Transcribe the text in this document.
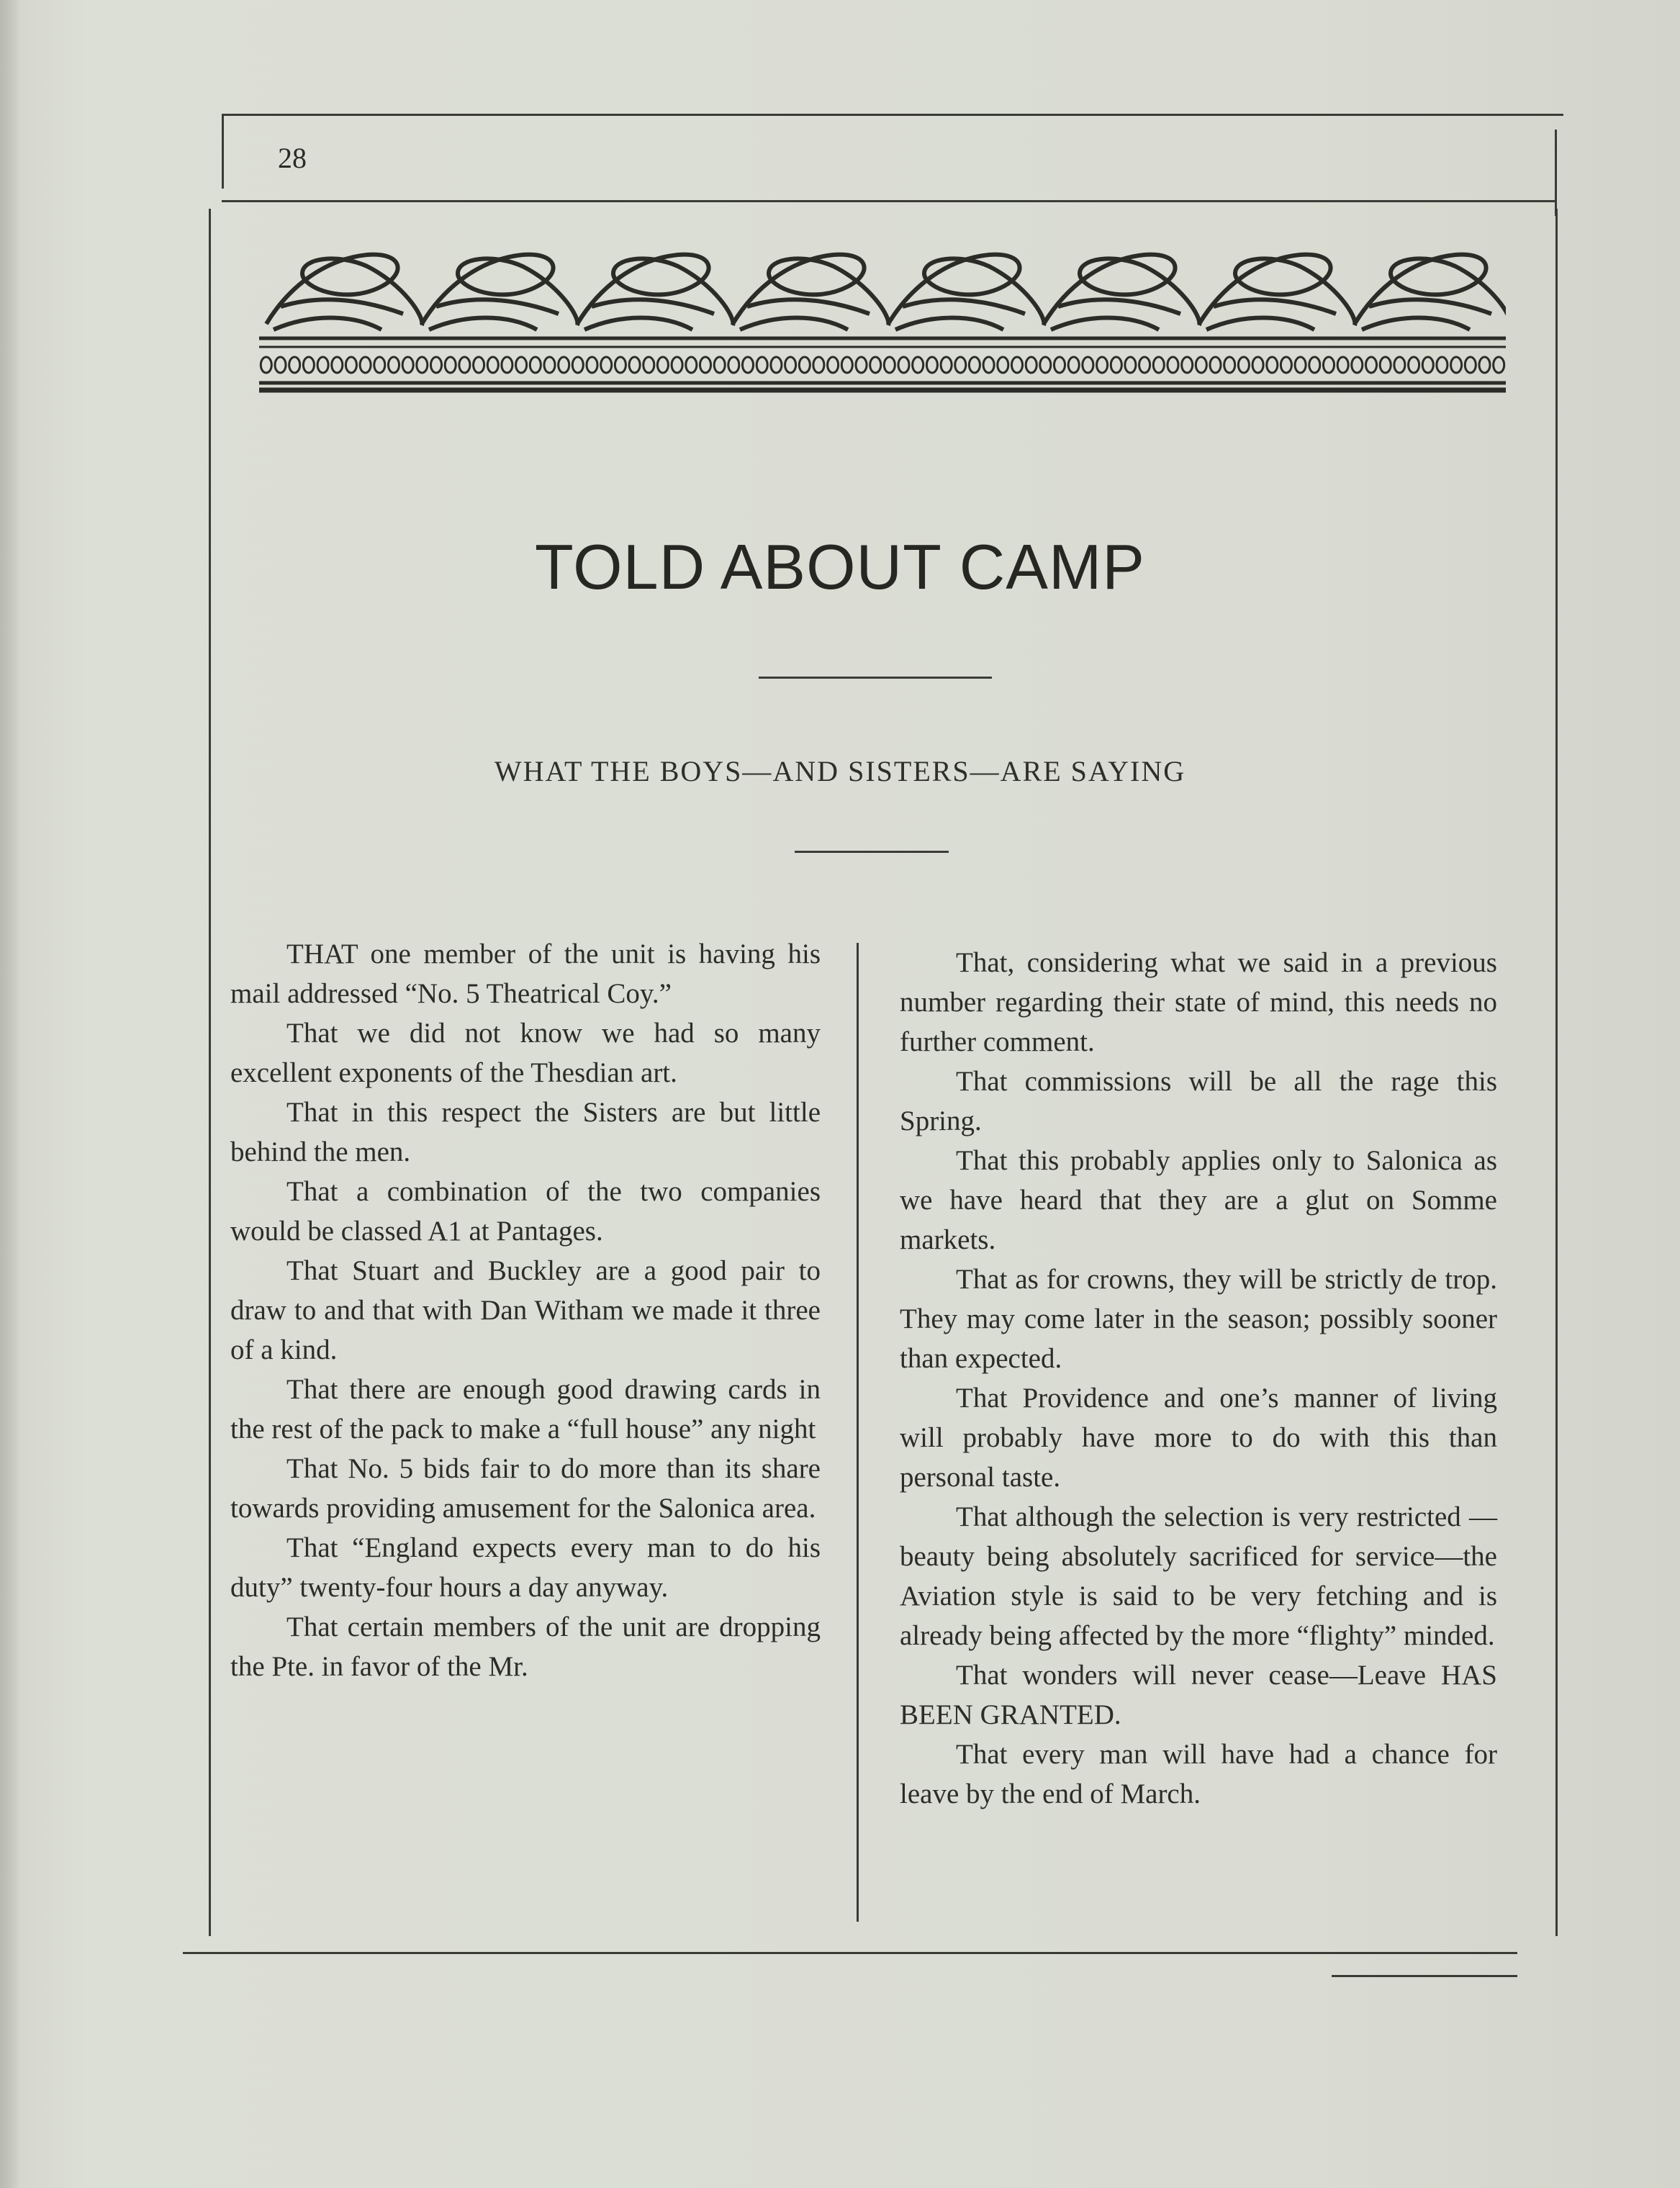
28
TOLD ABOUT CAMP
WHAT THE BOYS—AND SISTERS—ARE SAYING

THAT one member of the unit is having his mail addressed “No. 5 Theatrical Coy.”

That we did not know we had so many excellent exponents of the Thesdian art.

That in this respect the Sisters are but little behind the men.

That a combination of the two companies would be classed A1 at Pantages.

That Stuart and Buckley are a good pair to draw to and that with Dan Witham we made it three of a kind.

That there are enough good drawing cards in the rest of the pack to make a “full house” any night

That No. 5 bids fair to do more than its share towards providing amusement for the Salonica area.

That “England expects every man to do his duty” twenty-four hours a day anyway.

That certain members of the unit are dropping the Pte. in favor of the Mr.

That, considering what we said in a previous number regarding their state of mind, this needs no further comment.

That commissions will be all the rage this Spring.

That this probably applies only to Salonica as we have heard that they are a glut on Somme markets.

That as for crowns, they will be strictly de trop. They may come later in the season; possibly sooner than expected.

That Providence and one’s manner of living will probably have more to do with this than personal taste.

That although the selection is very restricted — beauty being absolutely sacrificed for service—the Aviation style is said to be very fetching and is already being affected by the more “flighty” minded.

That wonders will never cease—Leave HAS BEEN GRANTED.

That every man will have had a chance for leave by the end of March.
